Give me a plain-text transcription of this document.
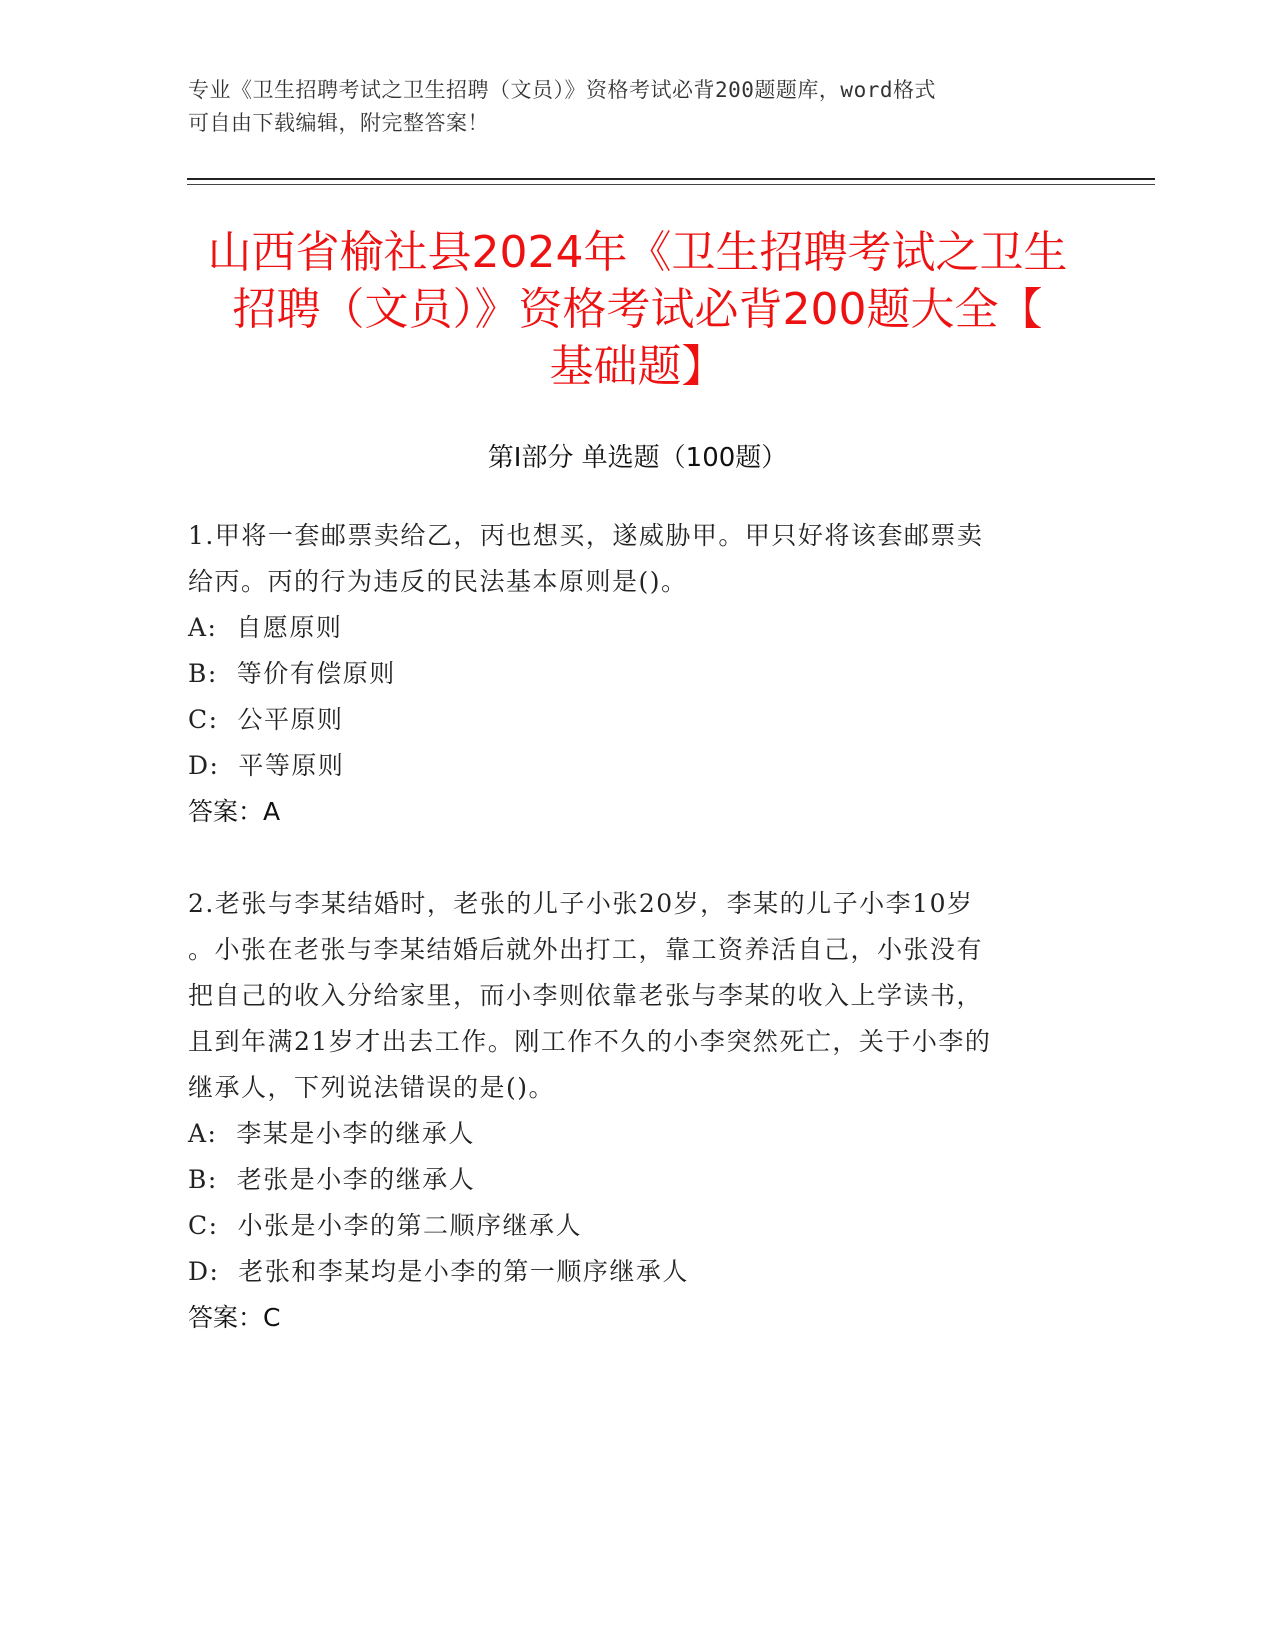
专业《卫生招聘考试之卫生招聘（文员）》资格考试必背200题题库，word格式
可自由下载编辑，附完整答案！
山西省榆社县2024年《卫生招聘考试之卫生
招聘（文员）》资格考试必背200题大全【
基础题】
第Ⅰ部分 单选题（100题）

1.甲将一套邮票卖给乙，丙也想买，遂威胁甲。甲只好将该套邮票卖

给丙。丙的行为违反的民法基本原则是()。

A:  自愿原则

B:  等价有偿原则

C:  公平原则

D:  平等原则

答案：A

2.老张与李某结婚时，老张的儿子小张20岁，李某的儿子小李10岁

。小张在老张与李某结婚后就外出打工，靠工资养活自己，小张没有

把自己的收入分给家里，而小李则依靠老张与李某的收入上学读书，

且到年满21岁才出去工作。刚工作不久的小李突然死亡，关于小李的

继承人，下列说法错误的是()。

A:  李某是小李的继承人

B:  老张是小李的继承人

C:  小张是小李的第二顺序继承人

D:  老张和李某均是小李的第一顺序继承人

答案：C
